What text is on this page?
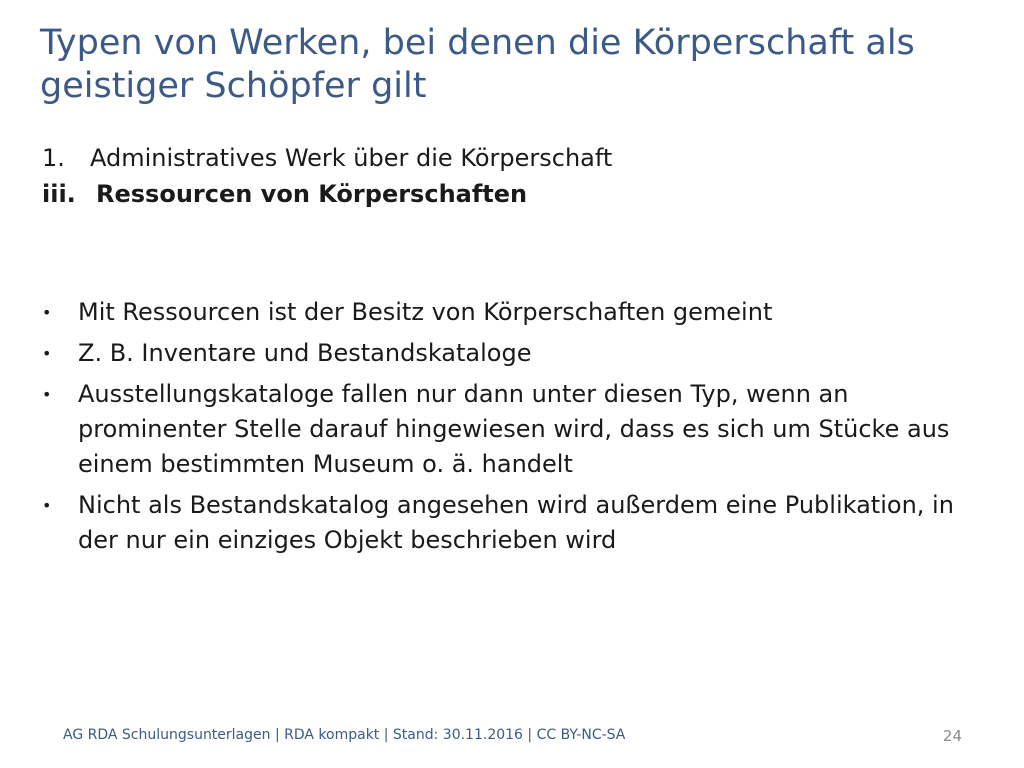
Typen von Werken, bei denen die Körperschaft als geistiger Schöpfer gilt
1.	Administratives Werk über die Körperschaft
iii. Ressourcen von Körperschaften
•	Mit Ressourcen ist der Besitz von Körperschaften gemeint
•	Z. B. Inventare und Bestandskataloge
•	Ausstellungskataloge fallen nur dann unter diesen Typ, wenn an prominenter Stelle darauf hingewiesen wird, dass es sich um Stücke aus einem bestimmten Museum o. ä. handelt
•	Nicht als Bestandskatalog angesehen wird außerdem eine Publikation, in der nur ein einziges Objekt beschrieben wird
AG RDA Schulungsunterlagen | RDA kompakt | Stand: 30.11.2016 | CC BY-NC-SA	24
